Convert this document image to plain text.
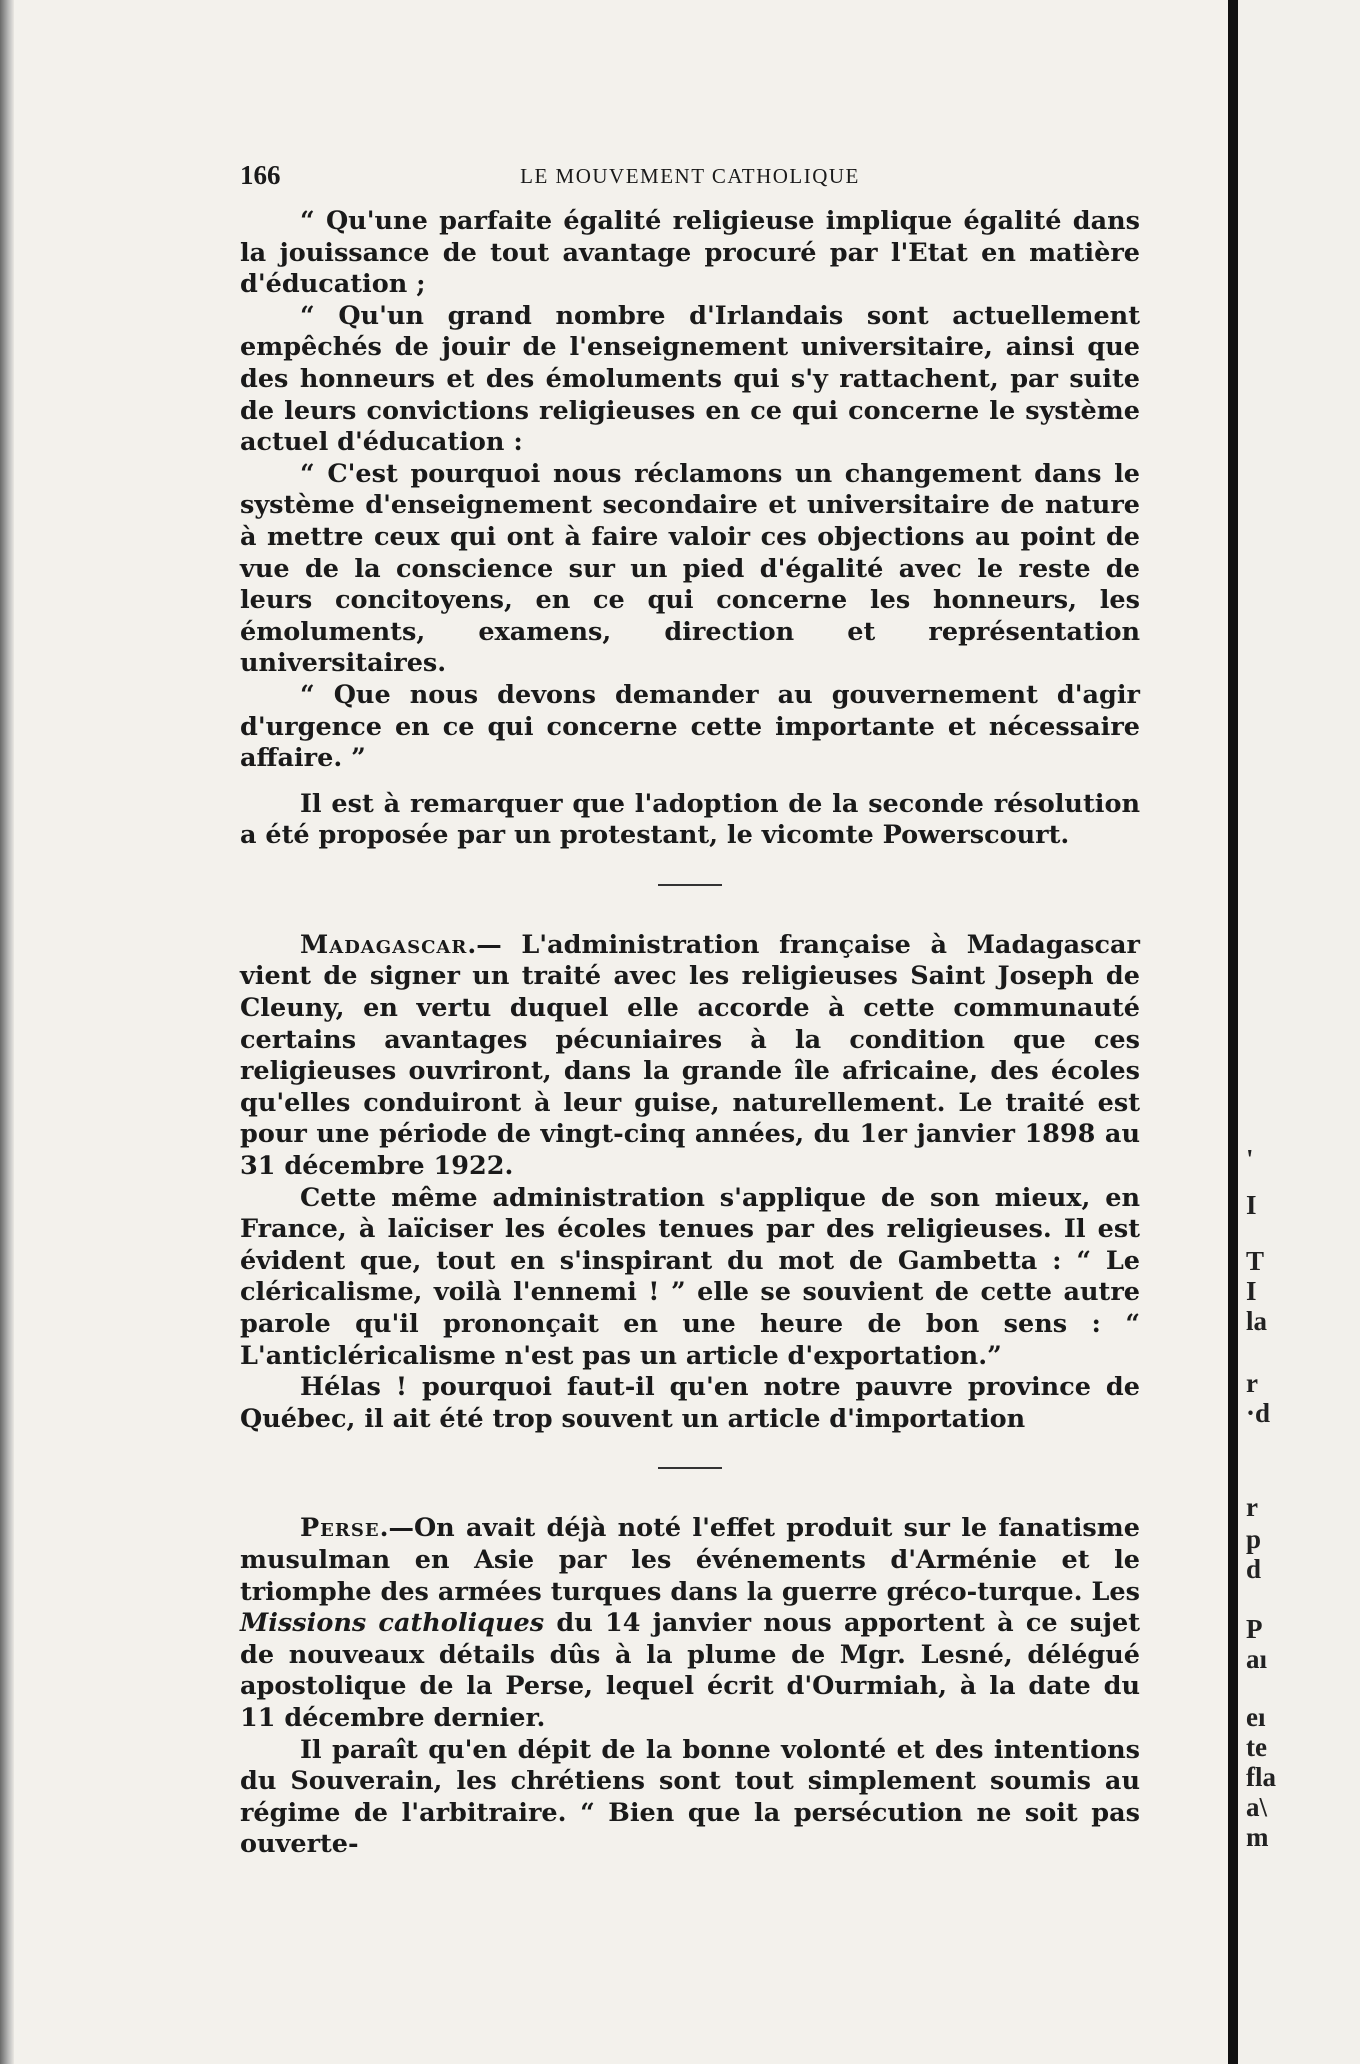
166	LE MOUVEMENT CATHOLIQUE

“ Qu'une parfaite égalité religieuse implique égalité dans la jouissance de tout avantage procuré par l'Etat en matière d'éducation ;

“ Qu'un grand nombre d'Irlandais sont actuellement empêchés de jouir de l'enseignement universitaire, ainsi que des honneurs et des émoluments qui s'y rattachent, par suite de leurs convictions religieuses en ce qui concerne le système actuel d'éducation :

“ C'est pourquoi nous réclamons un changement dans le système d'enseignement secondaire et universitaire de nature à mettre ceux qui ont à faire valoir ces objections au point de vue de la conscience sur un pied d'égalité avec le reste de leurs concitoyens, en ce qui concerne les honneurs, les émoluments, examens, direction et représentation universitaires.

“ Que nous devons demander au gouvernement d'agir d'urgence en ce qui concerne cette importante et nécessaire affaire. ”

Il est à remarquer que l'adoption de la seconde résolution a été proposée par un protestant, le vicomte Powerscourt.

Madagascar.— L'administration française à Madagascar vient de signer un traité avec les religieuses Saint Joseph de Cleuny, en vertu duquel elle accorde à cette communauté certains avantages pécuniaires à la condition que ces religieuses ouvriront, dans la grande île africaine, des écoles qu'elles conduiront à leur guise, naturellement. Le traité est pour une période de vingt-cinq années, du 1er janvier 1898 au 31 décembre 1922.

Cette même administration s'applique de son mieux, en France, à laïciser les écoles tenues par des religieuses. Il est évident que, tout en s'inspirant du mot de Gambetta : “ Le cléricalisme, voilà l'ennemi ! ” elle se souvient de cette autre parole qu'il prononçait en une heure de bon sens : “ L'anticléricalisme n'est pas un article d'exportation.”

Hélas ! pourquoi faut-il qu'en notre pauvre province de Québec, il ait été trop souvent un article d'importation

Perse.—On avait déjà noté l'effet produit sur le fanatisme musulman en Asie par les événements d'Arménie et le triomphe des armées turques dans la guerre gréco-turque. Les Missions catholiques du 14 janvier nous apportent à ce sujet de nouveaux détails dûs à la plume de Mgr. Lesné, délégué apostolique de la Perse, lequel écrit d'Ourmiah, à la date du 11 décembre dernier.

Il paraît qu'en dépit de la bonne volonté et des intentions du Souverain, les chrétiens sont tout simplement soumis au régime de l'arbitraire. “ Bien que la persécution ne soit pas ouverte-

'
I
T
I
la
r
·d
r
p
d
P
aı
eı
te
fla
a\
m
